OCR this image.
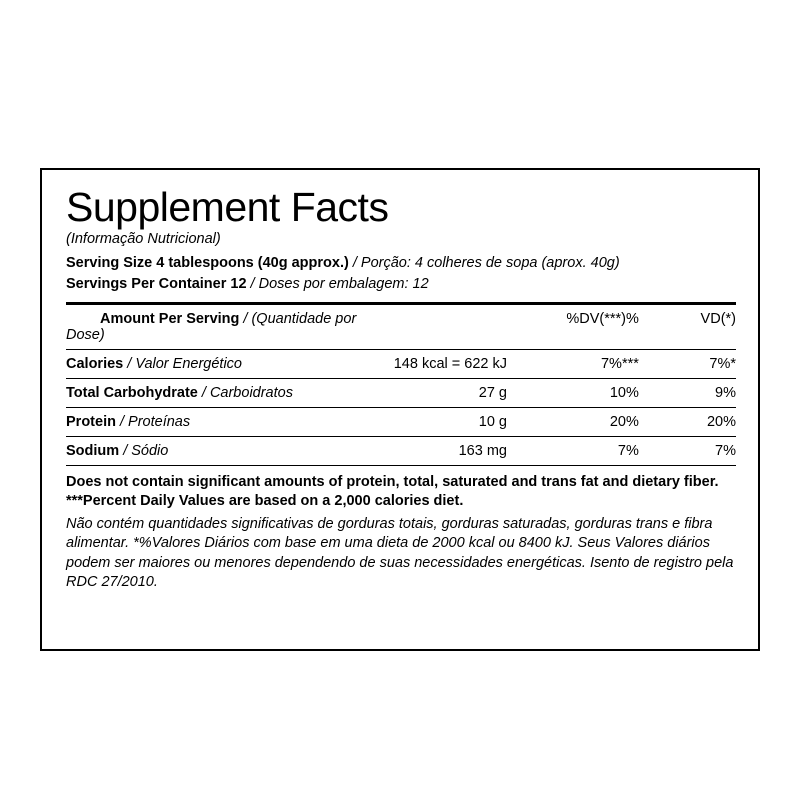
Supplement Facts
(Informação Nutricional)

Serving Size 4 tablespoons (40g approx.) / Porção: 4 colheres de sopa (aprox. 40g)

Servings Per Container 12 / Doses por embalagem: 12

Amount Per Serving / (Quantidade por Dose)		%DV(***)%	VD(*)
Calories / Valor Energético	148 kcal = 622 kJ	7%***	7%*
Total Carbohydrate / Carboidratos	27 g	10%	9%
Protein / Proteínas	10 g	20%	20%
Sodium / Sódio	163 mg	7%	7%

Does not contain significant amounts of protein, total, saturated and trans fat and dietary fiber. ***Percent Daily Values are based on a 2,000 calories diet.

Não contém quantidades significativas de gorduras totais, gorduras saturadas, gorduras trans e fibra alimentar. *%Valores Diários com base em uma dieta de 2000 kcal ou 8400 kJ. Seus Valores diários podem ser maiores ou menores dependendo de suas necessidades energéticas. Isento de registro pela RDC 27/2010.
